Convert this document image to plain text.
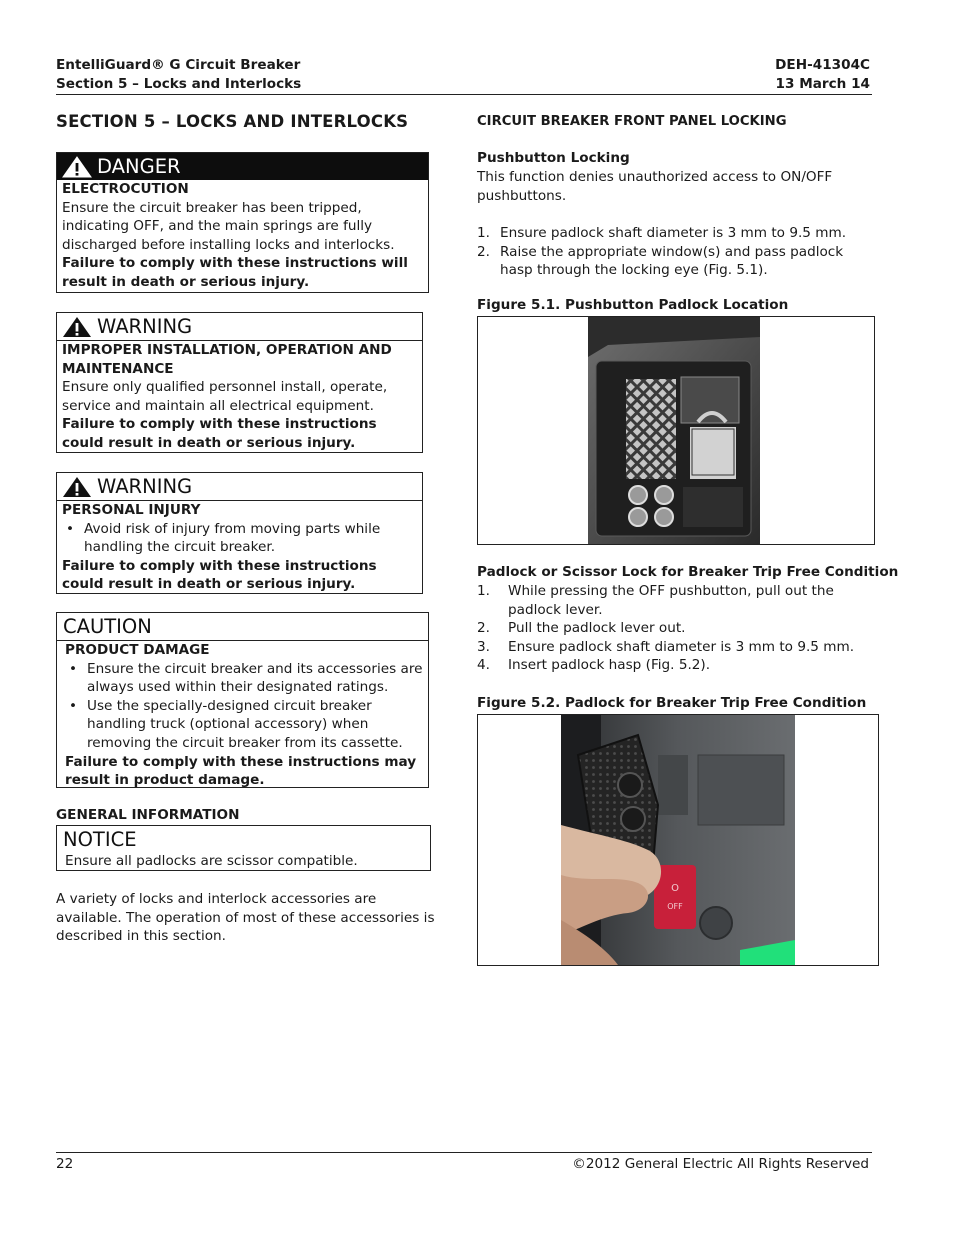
EntelliGuard® G Circuit Breaker
Section 5 – Locks and Interlocks
DEH-41304C
13 March 14
SECTION 5 – LOCKS AND INTERLOCKS
DANGER
ELECTROCUTION
Ensure the circuit breaker has been tripped, indicating OFF, and the main springs are fully discharged before installing locks and interlocks.
Failure to comply with these instructions will result in death or serious injury.
WARNING
IMPROPER INSTALLATION, OPERATION AND MAINTENANCE
Ensure only qualified personnel install, operate, service and maintain all electrical equipment.
Failure to comply with these instructions could result in death or serious injury.
WARNING
PERSONAL INJURY
• Avoid risk of injury from moving parts while handling the circuit breaker.
Failure to comply with these instructions could result in death or serious injury.
CAUTION
PRODUCT DAMAGE
• Ensure the circuit breaker and its accessories are always used within their designated ratings.
• Use the specially-designed circuit breaker handling truck (optional accessory) when removing the circuit breaker from its cassette.
Failure to comply with these instructions may result in product damage.
GENERAL INFORMATION
NOTICE
Ensure all padlocks are scissor compatible.
A variety of locks and interlock accessories are available. The operation of most of these accessories is described in this section.
CIRCUIT BREAKER FRONT PANEL LOCKING
Pushbutton Locking
This function denies unauthorized access to ON/OFF pushbuttons.
1. Ensure padlock shaft diameter is 3 mm to 9.5 mm.
2. Raise the appropriate window(s) and pass padlock hasp through the locking eye (Fig. 5.1).
Figure 5.1. Pushbutton Padlock Location
Padlock or Scissor Lock for Breaker Trip Free Condition
1. While pressing the OFF pushbutton, pull out the padlock lever.
2. Pull the padlock lever out.
3. Ensure padlock shaft diameter is 3 mm to 9.5 mm.
4. Insert padlock hasp (Fig. 5.2).
Figure 5.2. Padlock for Breaker Trip Free Condition
O
OFF
22	©2012 General Electric All Rights Reserved
